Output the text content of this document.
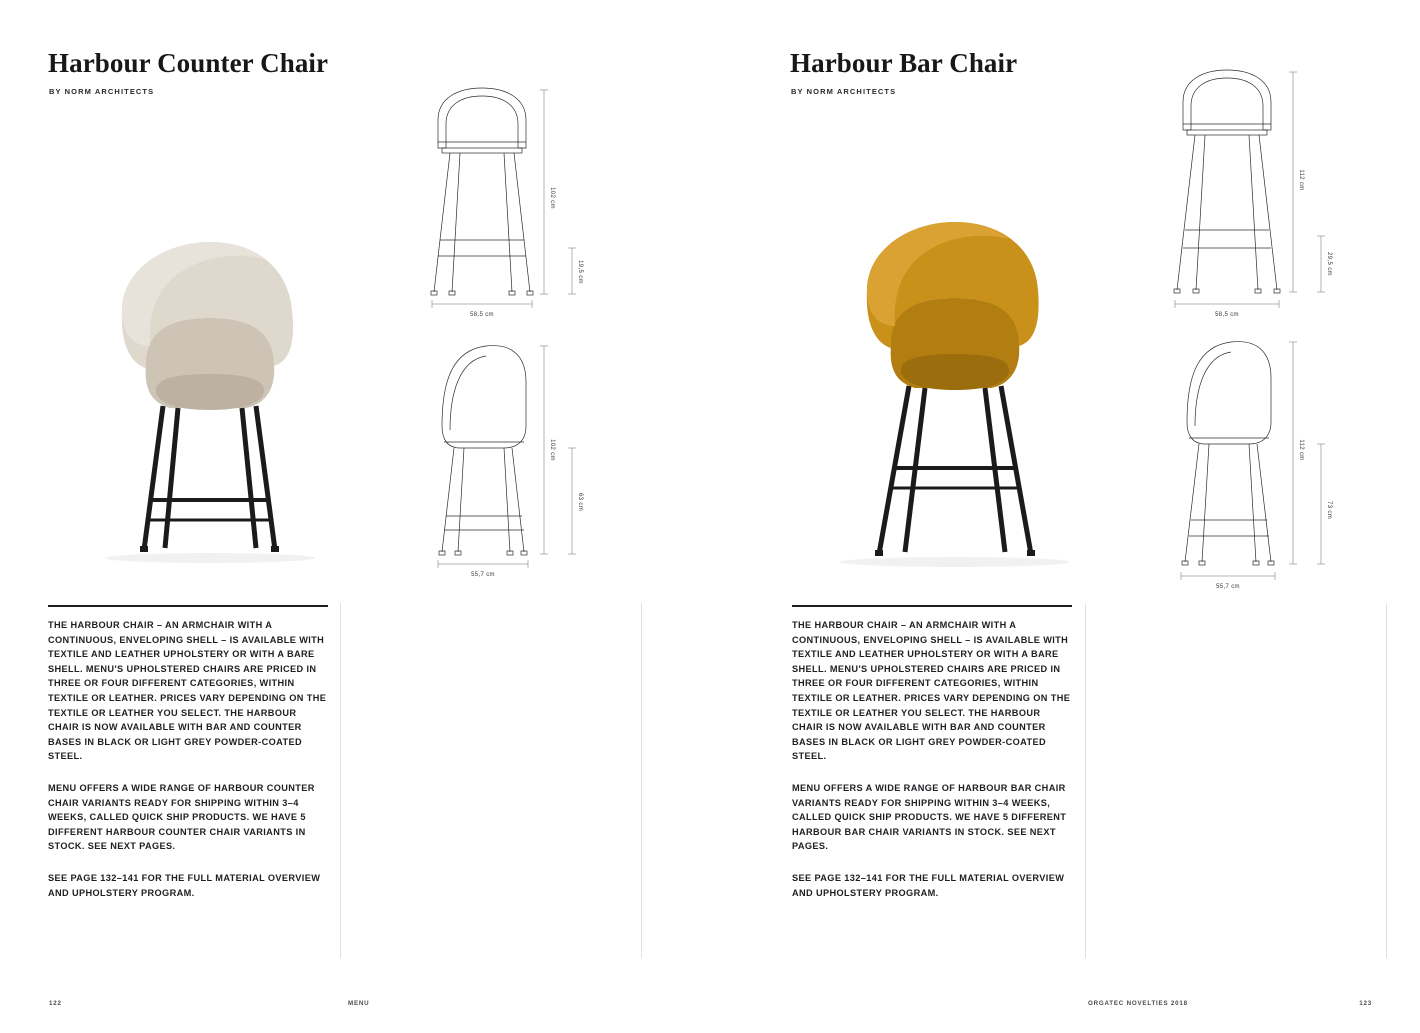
Harbour Counter Chair
BY NORM ARCHITECTS
102 cm
19,5 cm
58,5 cm
102 cm
63 cm
55,7 cm

THE HARBOUR CHAIR – AN ARMCHAIR WITH A CONTINUOUS, ENVELOPING SHELL – IS AVAILABLE WITH TEXTILE AND LEATHER UPHOLSTERY OR WITH A BARE SHELL. MENU'S UPHOLSTERED CHAIRS ARE PRICED IN THREE OR FOUR DIFFERENT CATEGORIES, WITHIN TEXTILE OR LEATHER. PRICES VARY DEPENDING ON THE TEXTILE OR LEATHER YOU SELECT. THE HARBOUR CHAIR IS NOW AVAILABLE WITH BAR AND COUNTER BASES IN BLACK OR LIGHT GREY POWDER-COATED STEEL.

MENU OFFERS A WIDE RANGE OF HARBOUR COUNTER CHAIR VARIANTS READY FOR SHIPPING WITHIN 3–4 WEEKS, CALLED QUICK SHIP PRODUCTS. WE HAVE 5 DIFFERENT HARBOUR COUNTER CHAIR VARIANTS IN STOCK. SEE NEXT PAGES.

SEE PAGE 132–141 FOR THE FULL MATERIAL OVERVIEW AND UPHOLSTERY PROGRAM.

122	MENU
Harbour Bar Chair
BY NORM ARCHITECTS
112 cm
29,5 cm
58,5 cm
112 cm
73 cm
55,7 cm

THE HARBOUR CHAIR – AN ARMCHAIR WITH A CONTINUOUS, ENVELOPING SHELL – IS AVAILABLE WITH TEXTILE AND LEATHER UPHOLSTERY OR WITH A BARE SHELL. MENU'S UPHOLSTERED CHAIRS ARE PRICED IN THREE OR FOUR DIFFERENT CATEGORIES, WITHIN TEXTILE OR LEATHER. PRICES VARY DEPENDING ON THE TEXTILE OR LEATHER YOU SELECT. THE HARBOUR CHAIR IS NOW AVAILABLE WITH BAR AND COUNTER BASES IN BLACK OR LIGHT GREY POWDER-COATED STEEL.

MENU OFFERS A WIDE RANGE OF HARBOUR BAR CHAIR VARIANTS READY FOR SHIPPING WITHIN 3–4 WEEKS, CALLED QUICK SHIP PRODUCTS. WE HAVE 5 DIFFERENT HARBOUR BAR CHAIR VARIANTS IN STOCK. SEE NEXT PAGES.

SEE PAGE 132–141 FOR THE FULL MATERIAL OVERVIEW AND UPHOLSTERY PROGRAM.

ORGATEC NOVELTIES 2018	123
